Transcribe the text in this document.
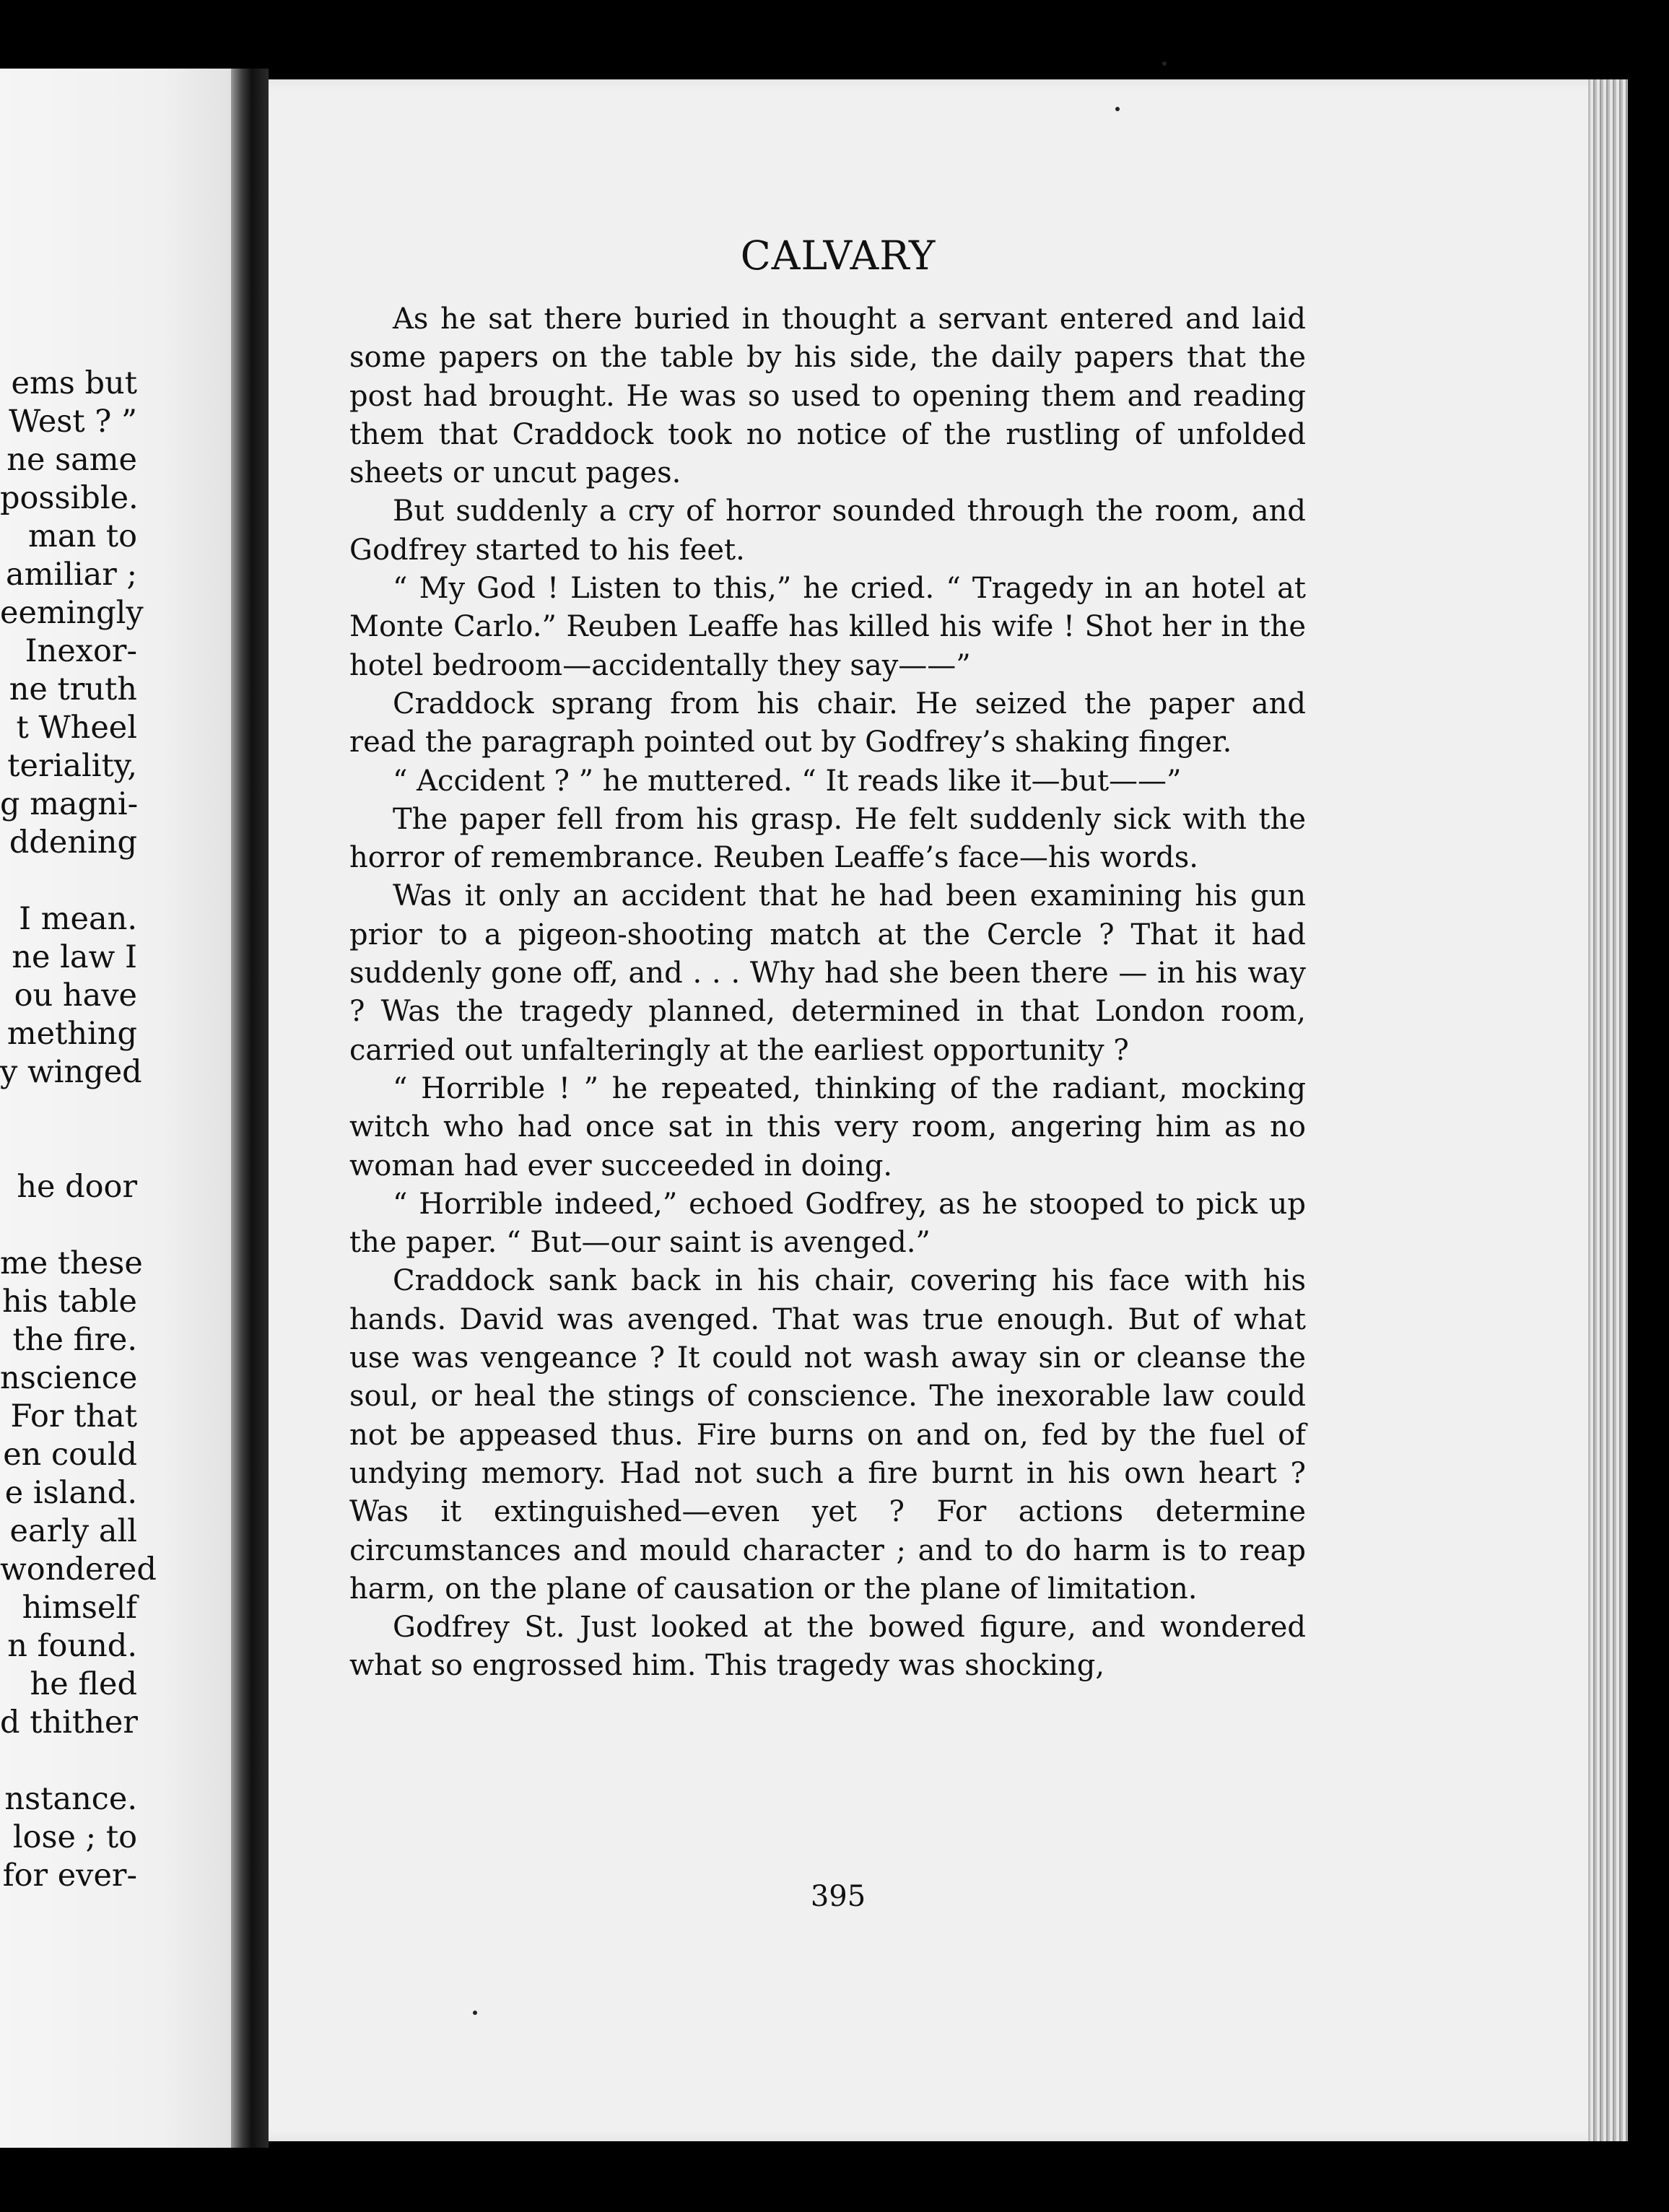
ems but
West ? ”
ne same
possible.
man to
amiliar ;
eemingly
Inexor-
ne truth
t Wheel
teriality,
g magni-
ddening
I mean.
ne law I
ou have
mething
y winged
he door
me these
his table
the fire.
nscience
For that
en could
e island.
early all
wondered
himself
n found.
he fled
d thither
nstance.
lose ; to
for ever-
CALVARY

As he sat there buried in thought a servant entered and laid some papers on the table by his side, the daily papers that the post had brought. He was so used to opening them and reading them that Craddock took no notice of the rustling of unfolded sheets or uncut pages.

But suddenly a cry of horror sounded through the room, and Godfrey started to his feet.

“ My God ! Listen to this,” he cried. “ Tragedy in an hotel at Monte Carlo.” Reuben Leaffe has killed his wife ! Shot her in the hotel bedroom—accidentally they say——”

Craddock sprang from his chair. He seized the paper and read the paragraph pointed out by Godfrey’s shaking finger.

“ Accident ? ” he muttered. “ It reads like it—but——”

The paper fell from his grasp. He felt suddenly sick with the horror of remembrance. Reuben Leaffe’s face—his words.

Was it only an accident that he had been examining his gun prior to a pigeon-shooting match at the Cercle ? That it had suddenly gone off, and . . . Why had she been there — in his way ? Was the tragedy planned, determined in that London room, carried out unfalteringly at the earliest opportunity ?

“ Horrible ! ” he repeated, thinking of the radiant, mocking witch who had once sat in this very room, angering him as no woman had ever succeeded in doing.

“ Horrible indeed,” echoed Godfrey, as he stooped to pick up the paper. “ But—our saint is avenged.”

Craddock sank back in his chair, covering his face with his hands. David was avenged. That was true enough. But of what use was vengeance ? It could not wash away sin or cleanse the soul, or heal the stings of conscience. The inexorable law could not be appeased thus. Fire burns on and on, fed by the fuel of undying memory. Had not such a fire burnt in his own heart ? Was it extinguished—even yet ? For actions determine circumstances and mould character ; and to do harm is to reap harm, on the plane of causation or the plane of limitation.

Godfrey St. Just looked at the bowed figure, and wondered what so engrossed him. This tragedy was shocking,

395
